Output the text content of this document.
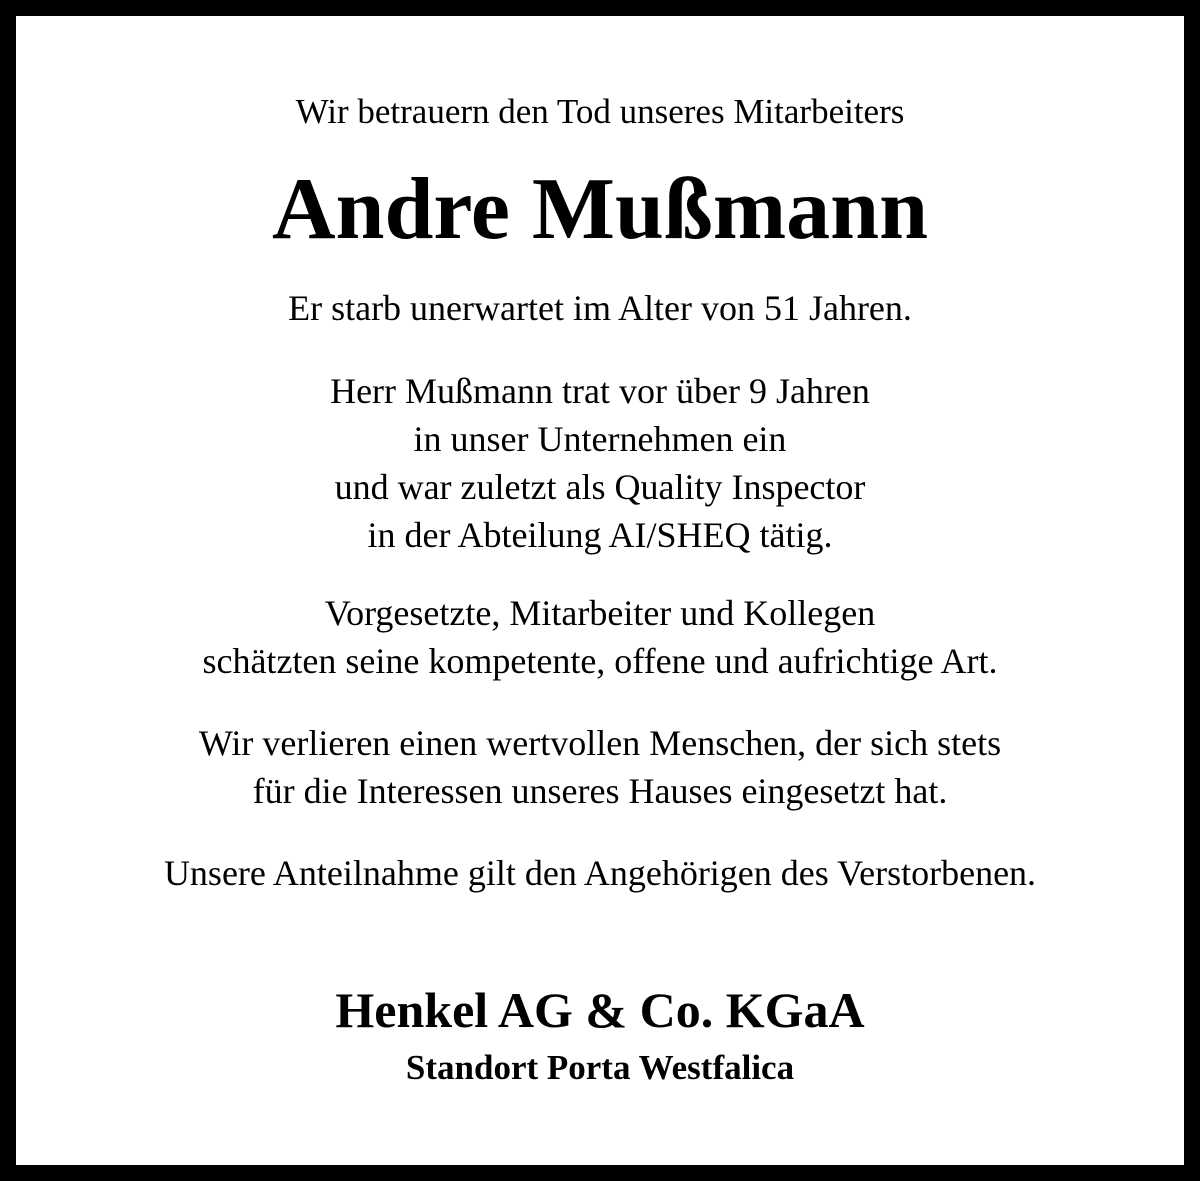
Wir betrauern den Tod unseres Mitarbeiters
Andre Mußmann
Er starb unerwartet im Alter von 51 Jahren.
Herr Mußmann trat vor über 9 Jahren
in unser Unternehmen ein
und war zuletzt als Quality Inspector
in der Abteilung AI/SHEQ tätig.
Vorgesetzte, Mitarbeiter und Kollegen
schätzten seine kompetente, offene und aufrichtige Art.
Wir verlieren einen wertvollen Menschen, der sich stets
für die Interessen unseres Hauses eingesetzt hat.
Unsere Anteilnahme gilt den Angehörigen des Verstorbenen.
Henkel AG & Co. KGaA
Standort Porta Westfalica
